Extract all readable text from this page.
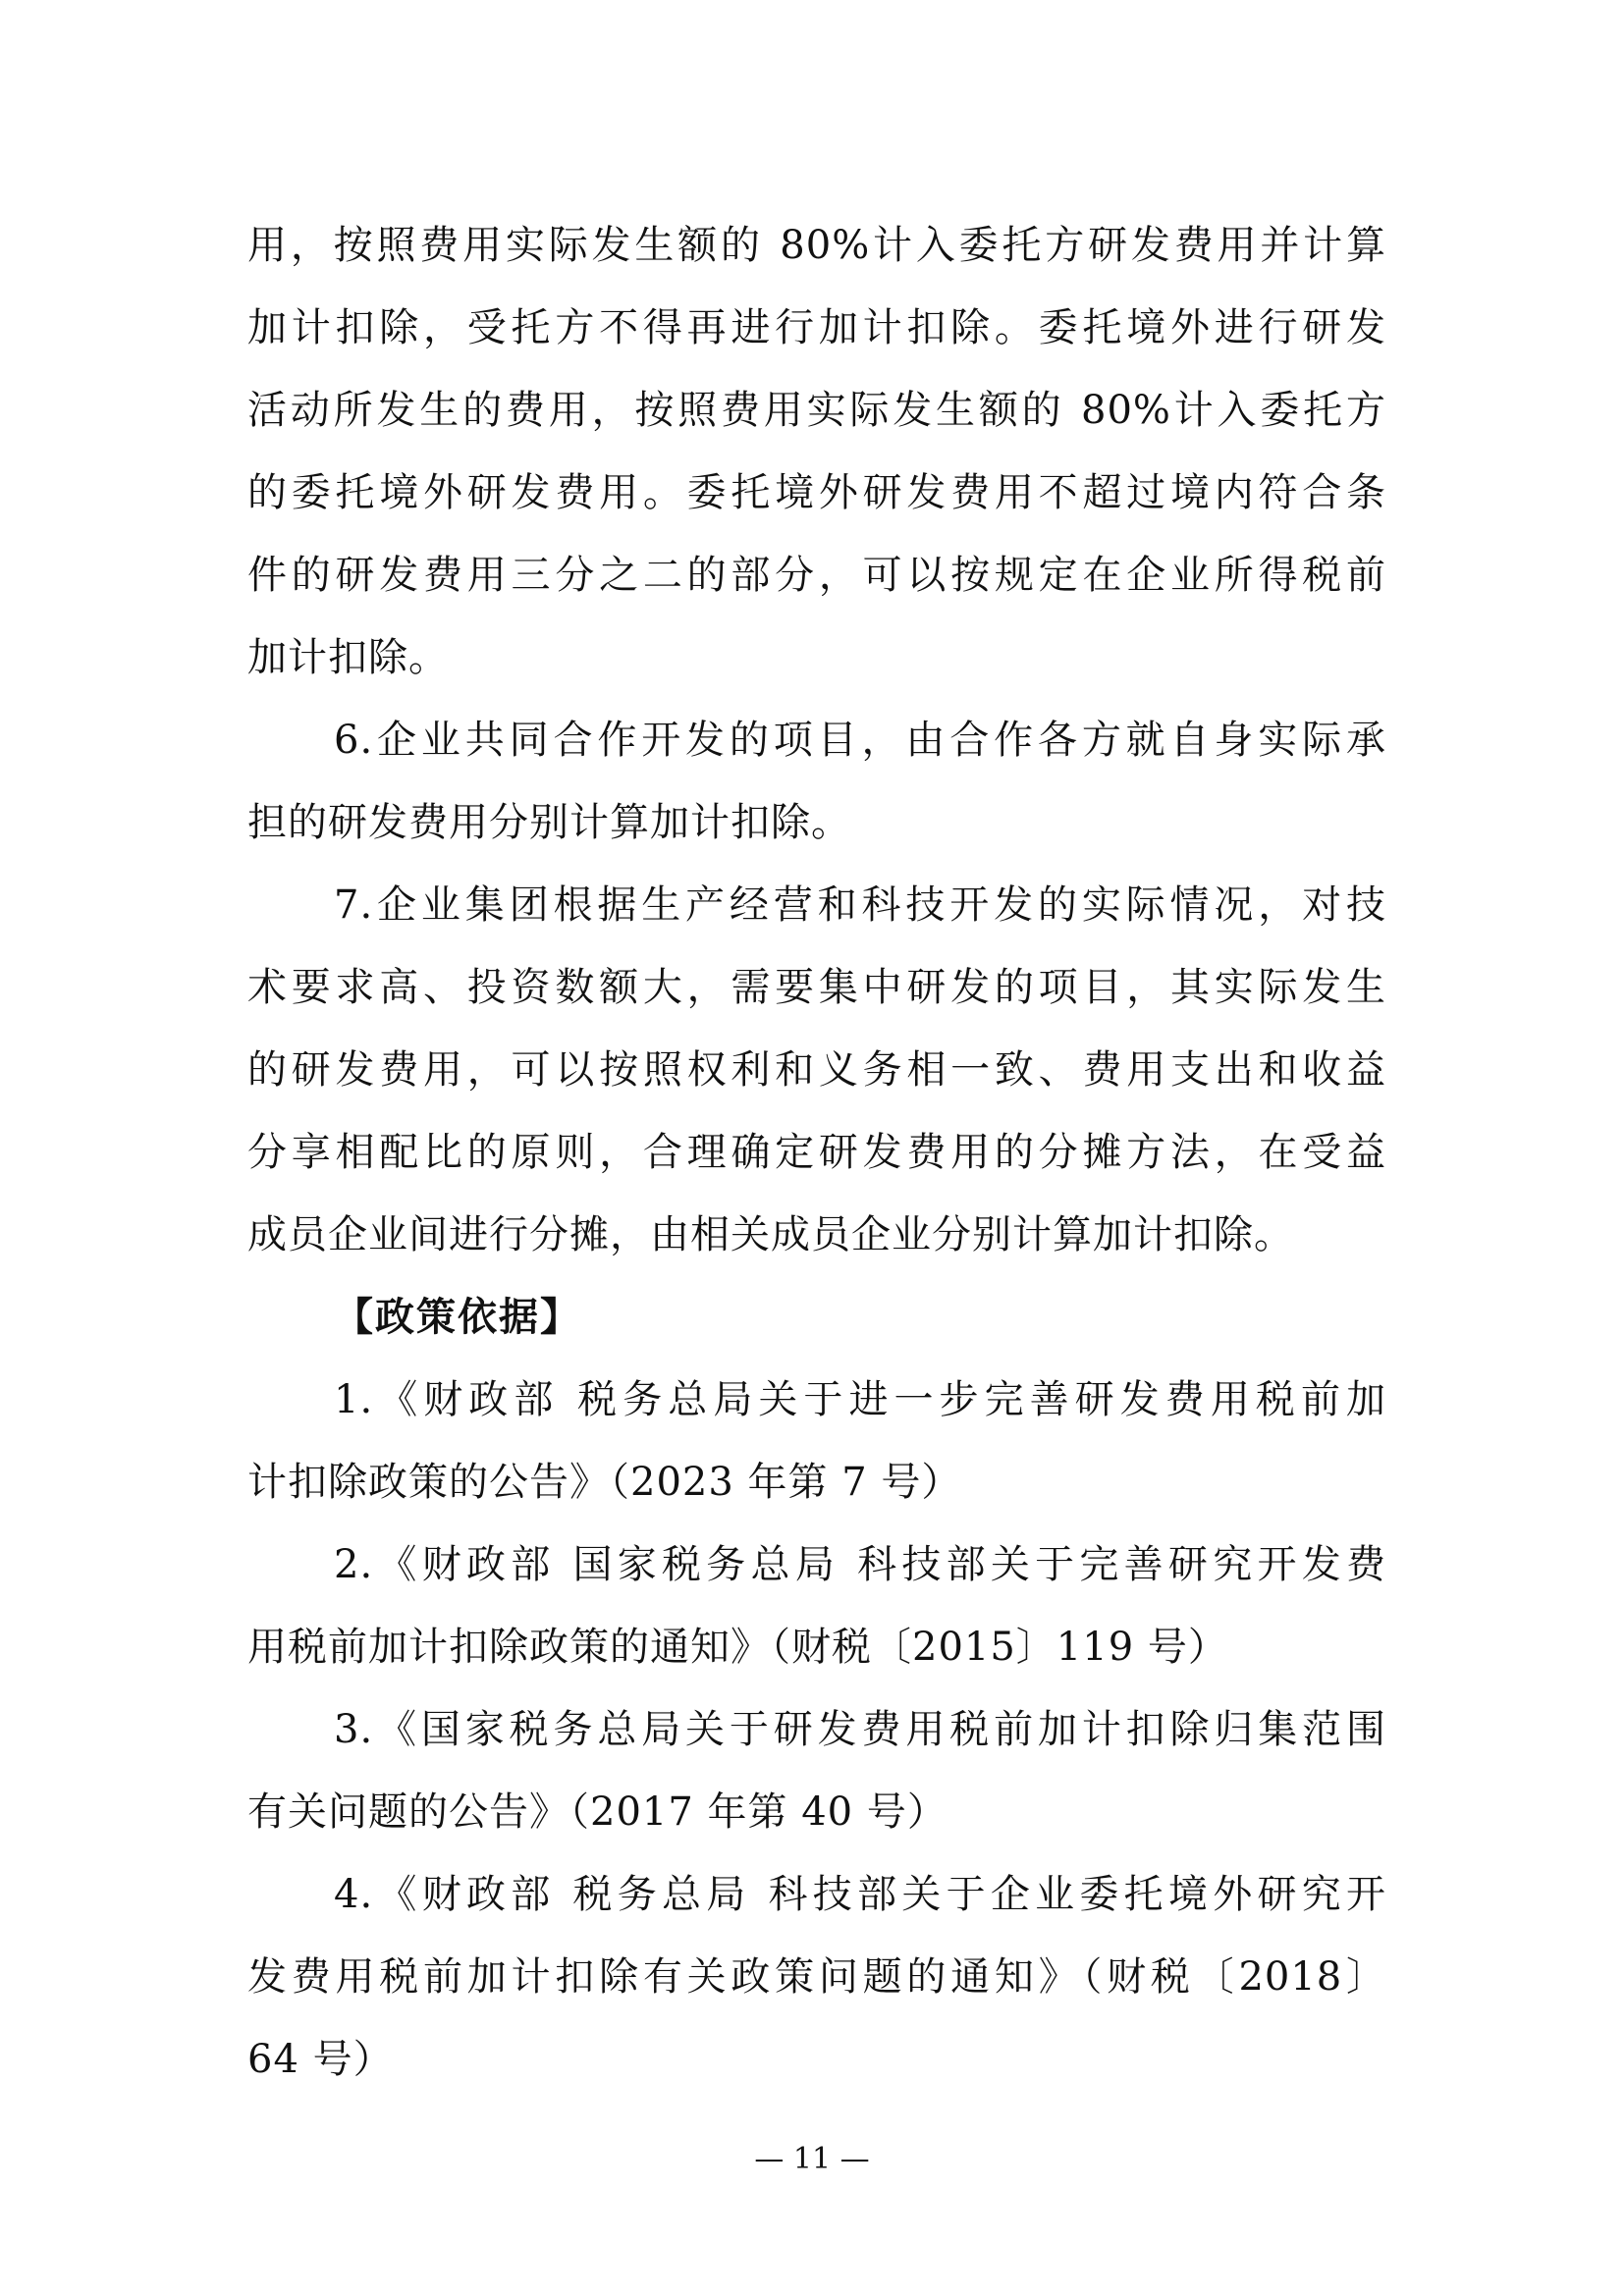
用，按照费用实际发生额的 80%计入委托方研发费用并计算
加计扣除，受托方不得再进行加计扣除。委托境外进行研发
活动所发生的费用，按照费用实际发生额的 80%计入委托方
的委托境外研发费用。委托境外研发费用不超过境内符合条
件的研发费用三分之二的部分，可以按规定在企业所得税前
加计扣除。
6.企业共同合作开发的项目，由合作各方就自身实际承
担的研发费用分别计算加计扣除。
7.企业集团根据生产经营和科技开发的实际情况，对技
术要求高、投资数额大，需要集中研发的项目，其实际发生
的研发费用，可以按照权利和义务相一致、费用支出和收益
分享相配比的原则，合理确定研发费用的分摊方法，在受益
成员企业间进行分摊，由相关成员企业分别计算加计扣除。
【政策依据】
1.《财政部 税务总局关于进一步完善研发费用税前加
计扣除政策的公告》（2023 年第 7 号）
2.《财政部 国家税务总局 科技部关于完善研究开发费
用税前加计扣除政策的通知》（财税〔2015〕119 号）
3.《国家税务总局关于研发费用税前加计扣除归集范围
有关问题的公告》（2017 年第 40 号）
4.《财政部 税务总局 科技部关于企业委托境外研究开
发费用税前加计扣除有关政策问题的通知》（财税〔2018〕
64 号）
— 11 —
